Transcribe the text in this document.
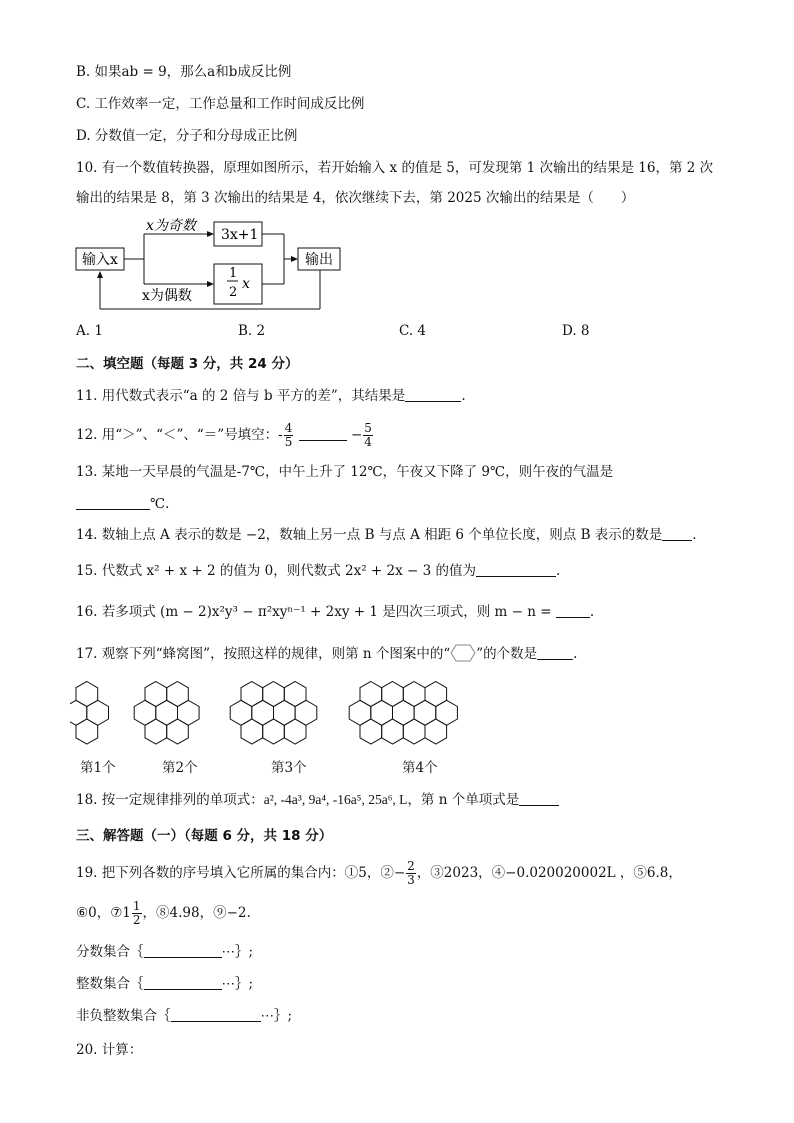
B. 如果ab = 9，那么a和b成反比例
C. 工作效率一定，工作总量和工作时间成反比例
D. 分数值一定，分子和分母成正比例
10. 有一个数值转换器，原理如图所示，若开始输入 x 的值是 5，可发现第 1 次输出的结果是 16，第 2 次
输出的结果是 8，第 3 次输出的结果是 4，依次继续下去，第 2025 次输出的结果是（　　）
输入x
x为奇数
x为偶数
3x+1
1
2
x
输出
A. 1	B. 2	C. 4	D. 8
二、填空题（每题 3 分，共 24 分）
11. 用代数式表示“a 的 2 倍与 b 平方的差”，其结果是	.
12. 用“＞”、“＜”、“＝”号填空：- $\frac{4}{5}$	− $\frac{5}{4}$
13. 某地一天早晨的气温是-7℃，中午上升了 12℃，午夜又下降了 9℃，则午夜的气温是
℃.
14. 数轴上点 A 表示的数是 −2，数轴上另一点 B 与点 A 相距 6 个单位长度，则点 B 表示的数是 .
15. 代数式 x² + x + 2 的值为 0，则代数式 2x² + 2x − 3 的值为	.
16. 若多项式 (m − 2)x²y³ − π²xyⁿ⁻¹ + 2xy + 1 是四次三项式，则 m − n =	.
17. 观察下列“蜂窝图”，按照这样的规律，则第 n 个图案中的“ ”的个数是	.
第1个	第2个	第3个	第4个
18. 按一定规律排列的单项式：a², -4a³, 9a⁴, -16a⁵, 25a⁶, L，第 n 个单项式是
三、解答题（一）（每题 6 分，共 18 分）
19. 把下列各数的序号填入它所属的集合内：①5，②− $\frac{2}{3}$ ，③2023，④−0.020020002L ，⑤6.8，
⑥0，⑦1 $\frac{1}{2}$ ，⑧4.98，⑨−2.
分数集合｛	⋯｝;
整数集合｛	⋯｝;
非负整数集合｛	⋯｝;
20. 计算：
